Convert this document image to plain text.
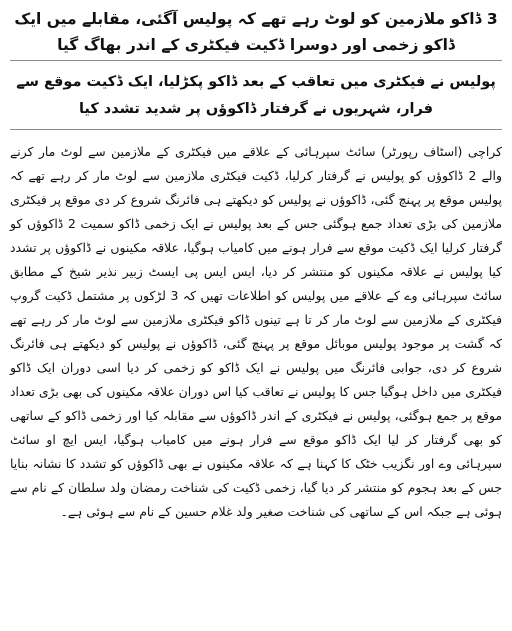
3 ڈاکو ملازمین کو لوٹ رہے تھے کہ پولیس آگئی، مقابلے میں ایک ڈاکو زخمی اور دوسرا ڈکیت فیکٹری کے اندر بھاگ گیا
پولیس نے فیکٹری میں تعاقب کے بعد ڈاکو پکڑلیا، ایک ڈکیت موقع سے فرار، شہریوں نے گرفتار ڈاکوؤں پر شدید تشدد کیا

کراچی (اسٹاف رپورٹر) سائٹ سپرہائی کے علاقے میں فیکٹری کے ملازمین سے لوٹ مار کرنے والے 2 ڈاکوؤں کو پولیس نے گرفتار کرلیا، ڈکیت فیکٹری ملازمین سے لوٹ مار کر رہے تھے کہ پولیس موقع پر پہنچ گئی، ڈاکوؤں نے پولیس کو دیکھتے ہی فائرنگ شروع کر دی موقع پر فیکٹری ملازمین کی بڑی تعداد جمع ہوگئی جس کے بعد پولیس نے ایک زخمی ڈاکو سمیت 2 ڈاکوؤں کو گرفتار کرلیا ایک ڈکیت موقع سے فرار ہونے میں کامیاب ہوگیا، علاقہ مکینوں نے ڈاکوؤں پر تشدد کیا پولیس نے علاقہ مکینوں کو منتشر کر دیا، ایس ایس پی ایسٹ زبیر نذیر شیخ کے مطابق سائٹ سپرہائی وے کے علاقے میں پولیس کو اطلاعات تھیں کہ 3 لڑکوں پر مشتمل ڈکیت گروپ فیکٹری کے ملازمین سے لوٹ مار کر تا ہے تینوں ڈاکو فیکٹری ملازمین سے لوٹ مار کر رہے تھے کہ گشت پر موجود پولیس موبائل موقع پر پہنچ گئی، ڈاکوؤں نے پولیس کو دیکھتے ہی فائرنگ شروع کر دی، جوابی فائرنگ میں پولیس نے ایک ڈاکو کو زخمی کر دیا اسی دوران ایک ڈاکو فیکٹری میں داخل ہوگیا جس کا پولیس نے تعاقب کیا اس دوران علاقہ مکینوں کی بھی بڑی تعداد موقع پر جمع ہوگئی، پولیس نے فیکٹری کے اندر ڈاکوؤں سے مقابلہ کیا اور زخمی ڈاکو کے ساتھی کو بھی گرفتار کر لیا ایک ڈاکو موقع سے فرار ہونے میں کامیاب ہوگیا، ایس ایچ او سائٹ سپرہائی وے اور نگزیب خٹک کا کہنا ہے کہ علاقہ مکینوں نے بھی ڈاکوؤں کو تشدد کا نشانہ بنایا جس کے بعد ہجوم کو منتشر کر دیا گیا، زخمی ڈکیت کی شناخت رمضان ولد سلطان کے نام سے ہوئی ہے جبکہ اس کے ساتھی کی شناخت صغیر ولد غلام حسین کے نام سے ہوئی ہے۔
